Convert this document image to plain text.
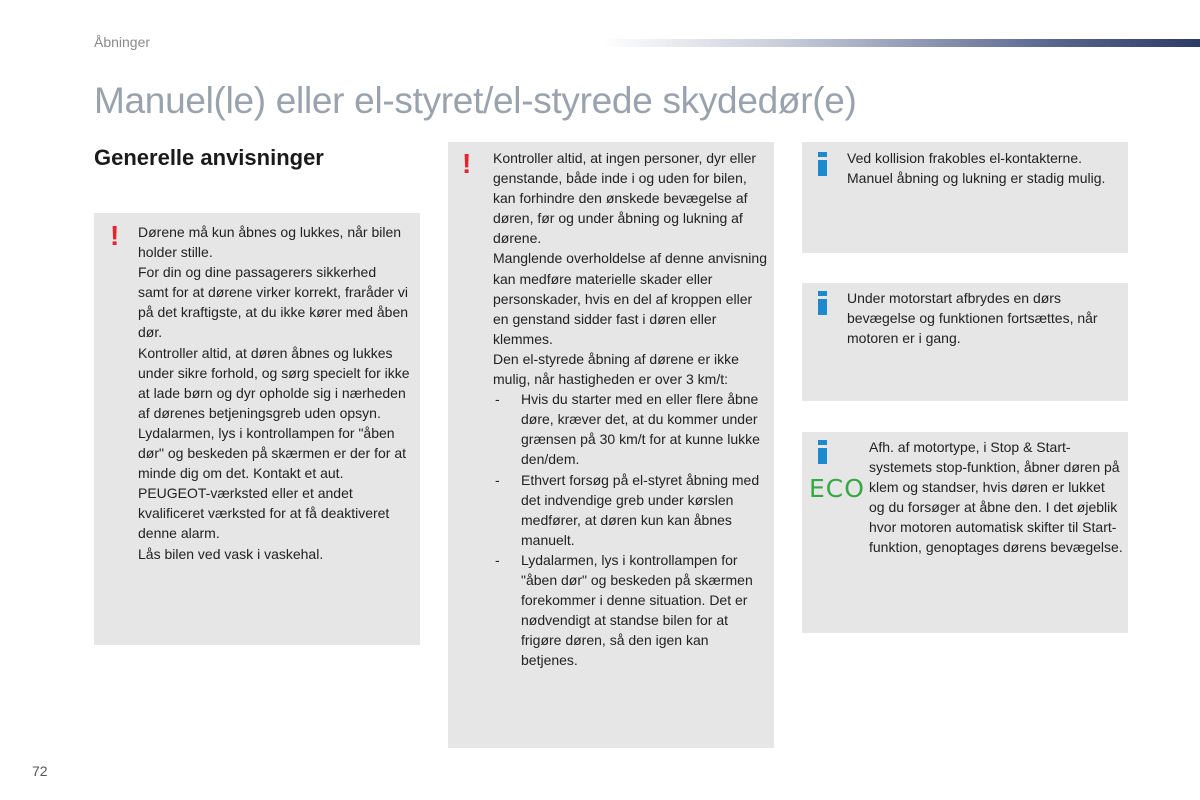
Åbninger
Manuel(le) eller el-styret/el-styrede skydedør(e)
Generelle anvisninger
! Dørene må kun åbnes og lukkes, når bilen holder stille.

For din og dine passagerers sikkerhed samt for at dørene virker korrekt, fraråder vi på det kraftigste, at du ikke kører med åben dør.

Kontroller altid, at døren åbnes og lukkes under sikre forhold, og sørg specielt for ikke at lade børn og dyr opholde sig i nærheden af dørenes betjeningsgreb uden opsyn.

Lydalarmen, lys i kontrollampen for "åben dør" og beskeden på skærmen er der for at minde dig om det. Kontakt et aut. PEUGEOT-værksted eller et andet kvalificeret værksted for at få deaktiveret denne alarm.

Lås bilen ved vask i vaskehal.

! Kontroller altid, at ingen personer, dyr eller genstande, både inde i og uden for bilen, kan forhindre den ønskede bevægelse af døren, før og under åbning og lukning af dørene.

Manglende overholdelse af denne anvisning kan medføre materielle skader eller personskader, hvis en del af kroppen eller en genstand sidder fast i døren eller klemmes.

Den el-styrede åbning af dørene er ikke mulig, når hastigheden er over 3 km/t:

- Hvis du starter med en eller flere åbne døre, kræver det, at du kommer under grænsen på 30 km/t for at kunne lukke den/dem.
- Ethvert forsøg på el-styret åbning med det indvendige greb under kørslen medfører, at døren kun kan åbnes manuelt.
- Lydalarmen, lys i kontrollampen for "åben dør" og beskeden på skærmen forekommer i denne situation. Det er nødvendigt at standse bilen for at frigøre døren, så den igen kan betjenes.
Ved kollision frakobles el-kontakterne. Manuel åbning og lukning er stadig mulig.
Under motorstart afbrydes en dørs bevægelse og funktionen fortsættes, når motoren er i gang.
ECO
Afh. af motortype, i Stop & Start-systemets stop-funktion, åbner døren på klem og standser, hvis døren er lukket og du forsøger at åbne den. I det øjeblik hvor motoren automatisk skifter til Start-funktion, genoptages dørens bevægelse.
72
